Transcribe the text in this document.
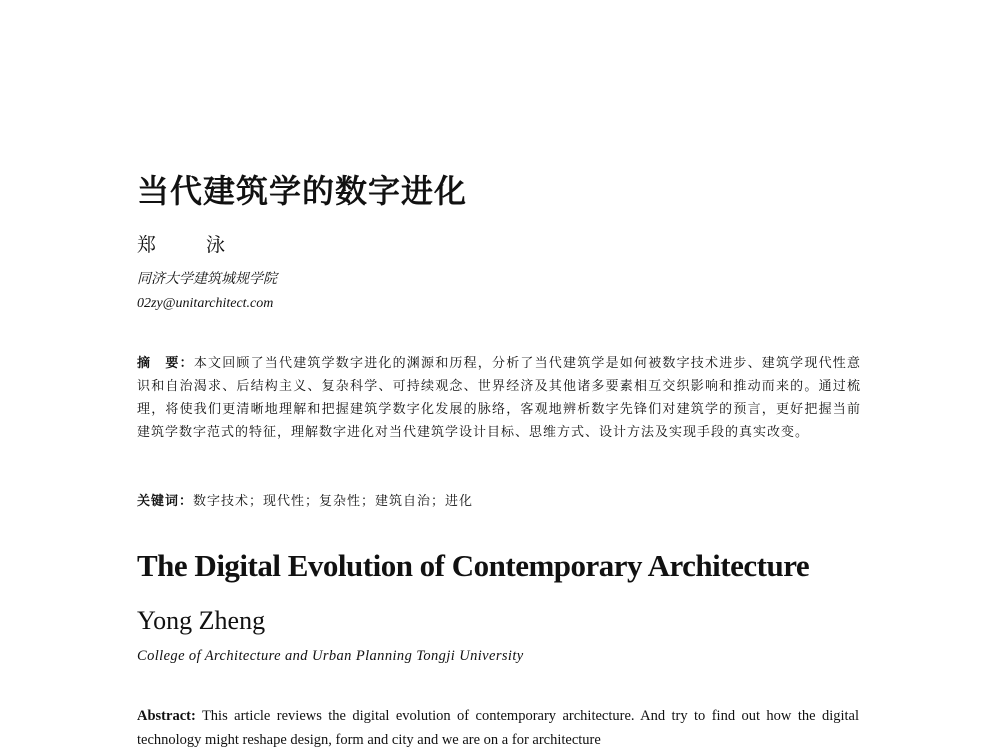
当代建筑学的数字进化
郑 泳
同济大学建筑城规学院
02zy@unitarchitect.com
摘　要：本文回顾了当代建筑学数字进化的渊源和历程，分析了当代建筑学是如何被数字技术进步、建筑学现代性意识和自治渴求、后结构主义、复杂科学、可持续观念、世界经济及其他诸多要素相互交织影响和推动而来的。通过梳理，将使我们更清晰地理解和把握建筑学数字化发展的脉络，客观地辨析数字先锋们对建筑学的预言，更好把握当前建筑学数字范式的特征，理解数字进化对当代建筑学设计目标、思维方式、设计方法及实现手段的真实改变。
关键词：数字技术；现代性；复杂性；建筑自治；进化
The Digital Evolution of Contemporary Architecture
Yong Zheng
College of Architecture and Urban Planning Tongji University
Abstract: This article reviews the digital evolution of contemporary architecture. And try to find out how the digital technology might reshape design, form and city and we are on a for architecture
